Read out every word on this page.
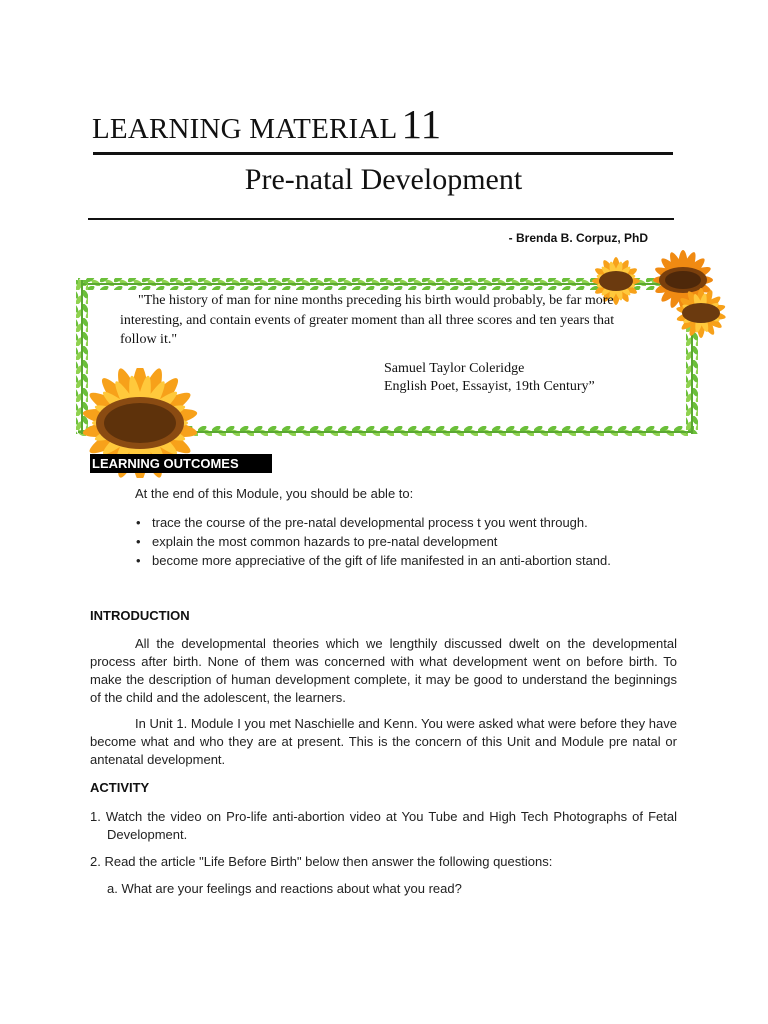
LEARNING MATERIAL11
Pre-natal Development
- Brenda B. Corpuz, PhD
"The history of man for nine months preceding his birth would probably, be far more interesting, and contain events of greater moment than all three scores and ten years that follow it."
Samuel Taylor Coleridge
English Poet, Essayist, 19th Century”
LEARNING OUTCOMES
At the end of this Module, you should be able to:
• trace the course of the pre-natal developmental process t you went through.
• explain the most common hazards to pre-natal development
• become more appreciative of the gift of life manifested in an anti-abortion stand.
INTRODUCTION
All the developmental theories which we lengthily discussed dwelt on the developmental process after birth. None of them was concerned with what development went on before birth. To make the description of human development complete, it may be good to understand the beginnings of the child and the adolescent, the learners.
In Unit 1. Module I you met Naschielle and Kenn. You were asked what were before they have become what and who they are at present. This is the concern of this Unit and Module pre natal or antenatal development.
ACTIVITY
1. Watch the video on Pro-life anti-abortion video at You Tube and High Tech Photographs of Fetal Development.
2. Read the article "Life Before Birth" below then answer the following questions:
a. What are your feelings and reactions about what you read?
